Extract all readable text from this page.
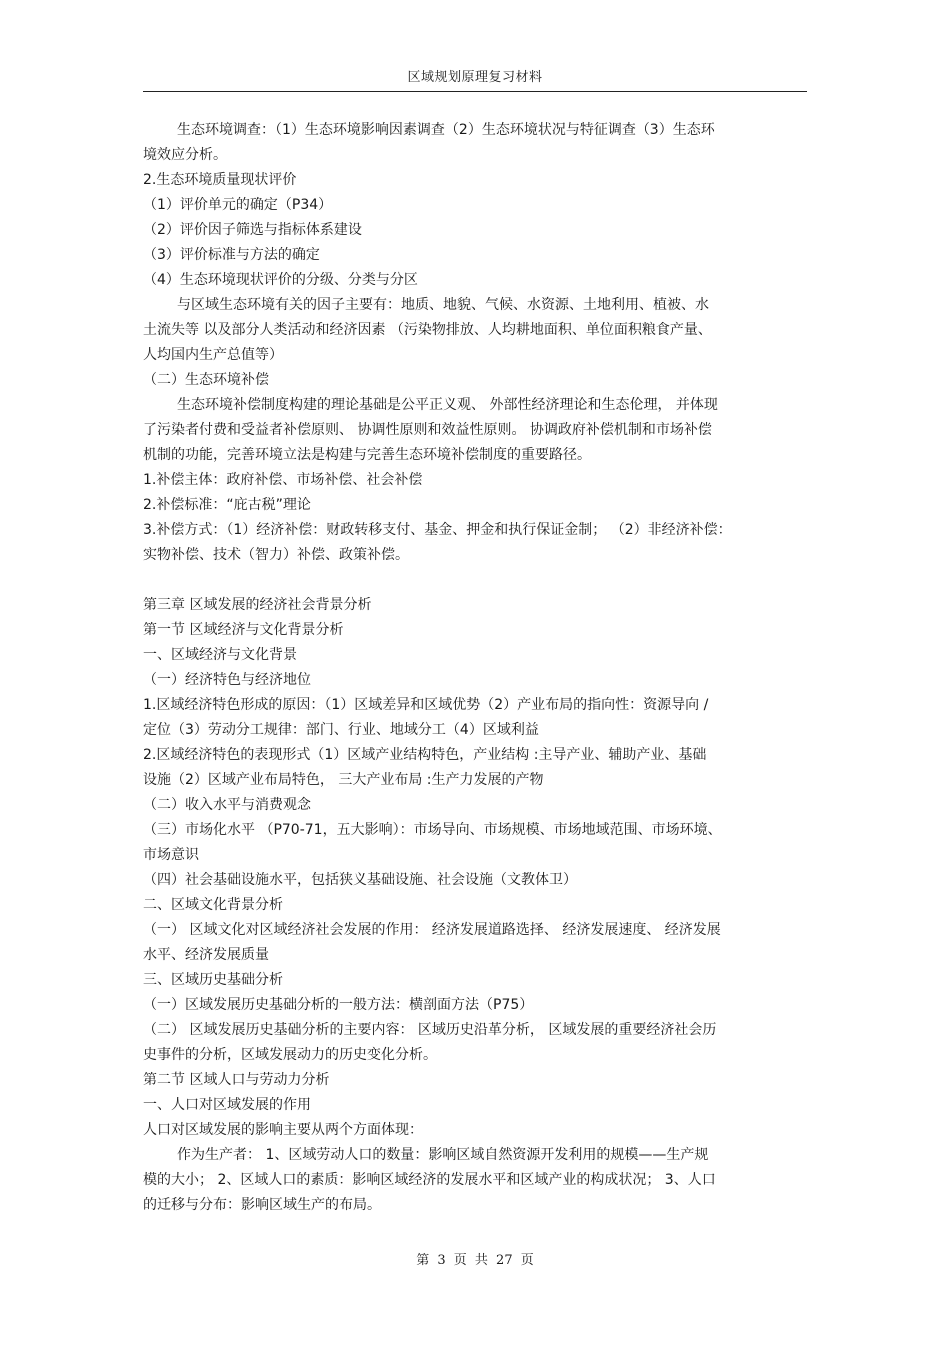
区域规划原理复习材料
生态环境调查：（1）生态环境影响因素调查（2）生态环境状况与特征调查（3）生态环
境效应分析。
2.生态环境质量现状评价
（1）评价单元的确定（P34）
（2）评价因子筛选与指标体系建设
（3）评价标准与方法的确定
（4）生态环境现状评价的分级、分类与分区
与区域生态环境有关的因子主要有：地质、地貌、气候、水资源、土地利用、植被、水
土流失等 以及部分人类活动和经济因素 （污染物排放、人均耕地面积、单位面积粮食产量、
人均国内生产总值等）
（二）生态环境补偿
生态环境补偿制度构建的理论基础是公平正义观、 外部性经济理论和生态伦理， 并体现
了污染者付费和受益者补偿原则、 协调性原则和效益性原则。 协调政府补偿机制和市场补偿
机制的功能，完善环境立法是构建与完善生态环境补偿制度的重要路径。
1.补偿主体：政府补偿、市场补偿、社会补偿
2.补偿标准：“庇古税”理论
3.补偿方式：（1）经济补偿：财政转移支付、基金、押金和执行保证金制； （2）非经济补偿：
实物补偿、技术（智力）补偿、政策补偿。
第三章 区域发展的经济社会背景分析
第一节 区域经济与文化背景分析
一、区域经济与文化背景
（一）经济特色与经济地位
1.区域经济特色形成的原因：（1）区域差异和区域优势（2）产业布局的指向性：资源导向 /
定位（3）劳动分工规律：部门、行业、地域分工（4）区域利益
2.区域经济特色的表现形式（1）区域产业结构特色，产业结构 :主导产业、辅助产业、基础
设施（2）区域产业布局特色， 三大产业布局 :生产力发展的产物
（二）收入水平与消费观念
（三）市场化水平 （P70-71，五大影响）：市场导向、市场规模、市场地域范围、市场环境、
市场意识
（四）社会基础设施水平，包括狭义基础设施、社会设施（文教体卫）
二、区域文化背景分析
（一） 区域文化对区域经济社会发展的作用： 经济发展道路选择、 经济发展速度、 经济发展
水平、经济发展质量
三、区域历史基础分析
（一）区域发展历史基础分析的一般方法：横剖面方法（P75）
（二） 区域发展历史基础分析的主要内容： 区域历史沿革分析， 区域发展的重要经济社会历
史事件的分析，区域发展动力的历史变化分析。
第二节 区域人口与劳动力分析
一、人口对区域发展的作用
人口对区域发展的影响主要从两个方面体现：
作为生产者： 1、区域劳动人口的数量：影响区域自然资源开发利用的规模——生产规
模的大小； 2、区域人口的素质：影响区域经济的发展水平和区域产业的构成状况； 3、人口
的迁移与分布：影响区域生产的布局。
第 3 页 共 27 页
